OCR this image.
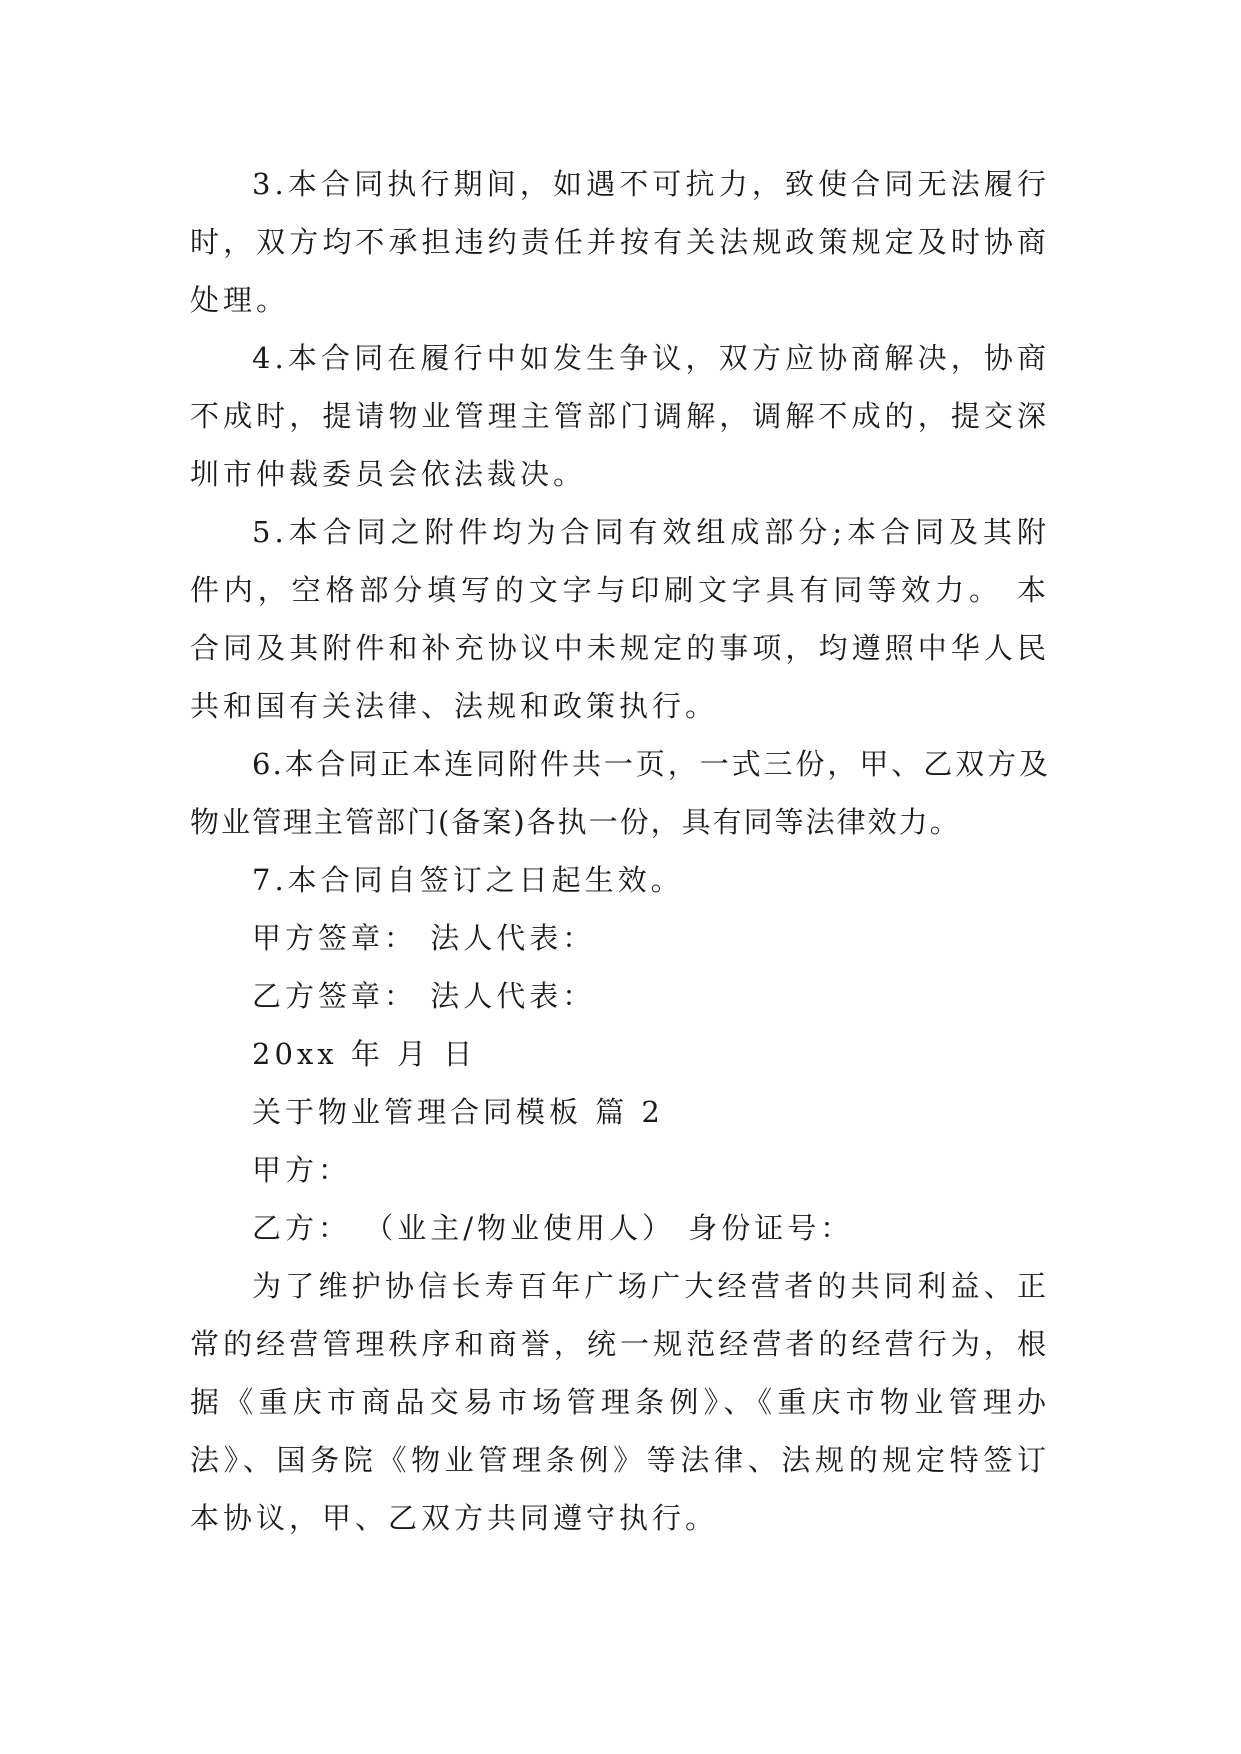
3.本合同执行期间，如遇不可抗力，致使合同无法履行时，双方均不承担违约责任并按有关法规政策规定及时协商处理。

4.本合同在履行中如发生争议，双方应协商解决，协商不成时，提请物业管理主管部门调解，调解不成的，提交深圳市仲裁委员会依法裁决。

5.本合同之附件均为合同有效组成部分;本合同及其附件内，空格部分填写的文字与印刷文字具有同等效力。 本合同及其附件和补充协议中未规定的事项，均遵照中华人民共和国有关法律、法规和政策执行。

6.本合同正本连同附件共一页，一式三份，甲、乙双方及物业管理主管部门(备案)各执一份，具有同等法律效力。

7.本合同自签订之日起生效。

甲方签章： 法人代表：

乙方签章： 法人代表：

20xx 年 月 日

关于物业管理合同模板 篇 2

甲方：

乙方： （业主/物业使用人） 身份证号：

为了维护协信长寿百年广场广大经营者的共同利益、正常的经营管理秩序和商誉，统一规范经营者的经营行为，根据《重庆市商品交易市场管理条例》、《重庆市物业管理办法》、国务院《物业管理条例》等法律、法规的规定特签订本协议，甲、乙双方共同遵守执行。
